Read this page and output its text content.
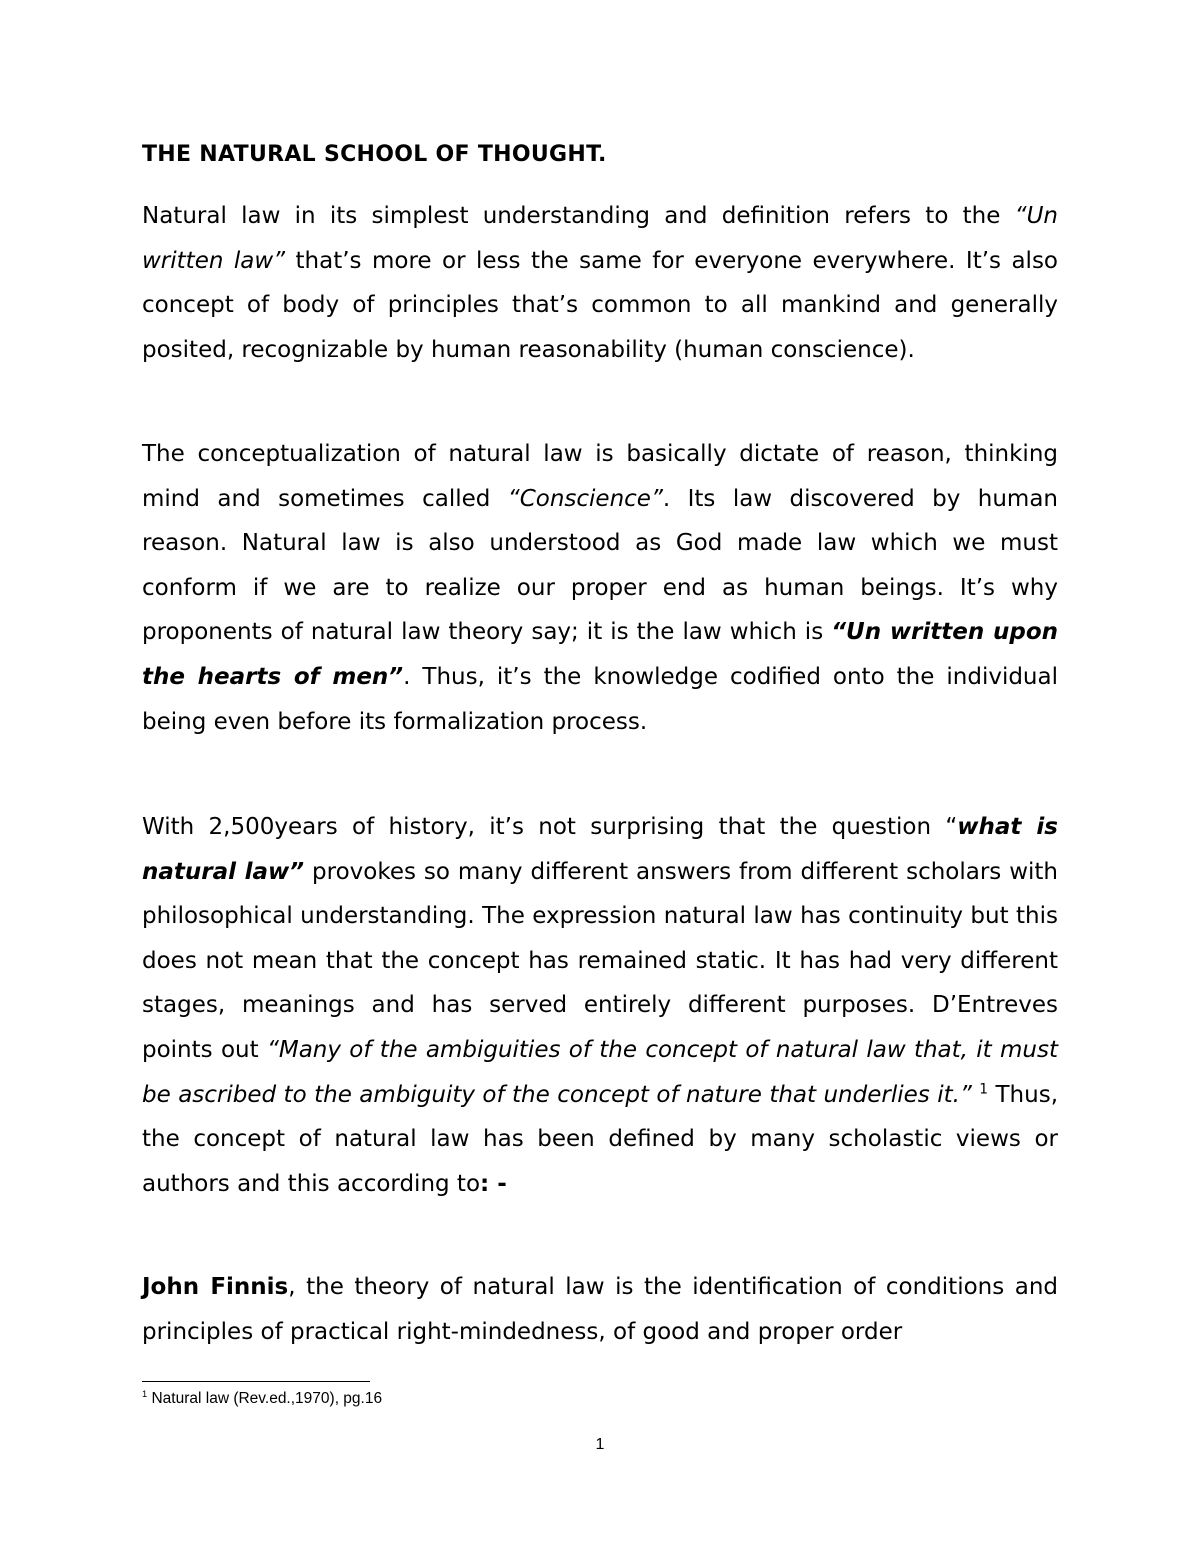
THE NATURAL SCHOOL OF THOUGHT.

Natural law in its simplest understanding and definition refers to the “Un written law” that’s more or less the same for everyone everywhere. It’s also concept of body of principles that’s common to all mankind and generally posited, recognizable by human reasonability (human conscience).

The conceptualization of natural law is basically dictate of reason, thinking mind and sometimes called “Conscience”. Its law discovered by human reason. Natural law is also understood as God made law which we must conform if we are to realize our proper end as human beings. It’s why proponents of natural law theory say; it is the law which is “Un written upon the hearts of men”. Thus, it’s the knowledge codified onto the individual being even before its formalization process.

With 2,500years of history, it’s not surprising that the question “what is natural law” provokes so many different answers from different scholars with philosophical understanding. The expression natural law has continuity but this does not mean that the concept has remained static. It has had very different stages, meanings and has served entirely different purposes. D’Entreves points out “Many of the ambiguities of the concept of natural law that, it must be ascribed to the ambiguity of the concept of nature that underlies it.” $^1$ Thus, the concept of natural law has been defined by many scholastic views or authors and this according to: -

John Finnis, the theory of natural law is the identification of conditions and principles of practical right-mindedness, of good and proper order

$^1$ Natural law (Rev.ed.,1970), pg.16

1
